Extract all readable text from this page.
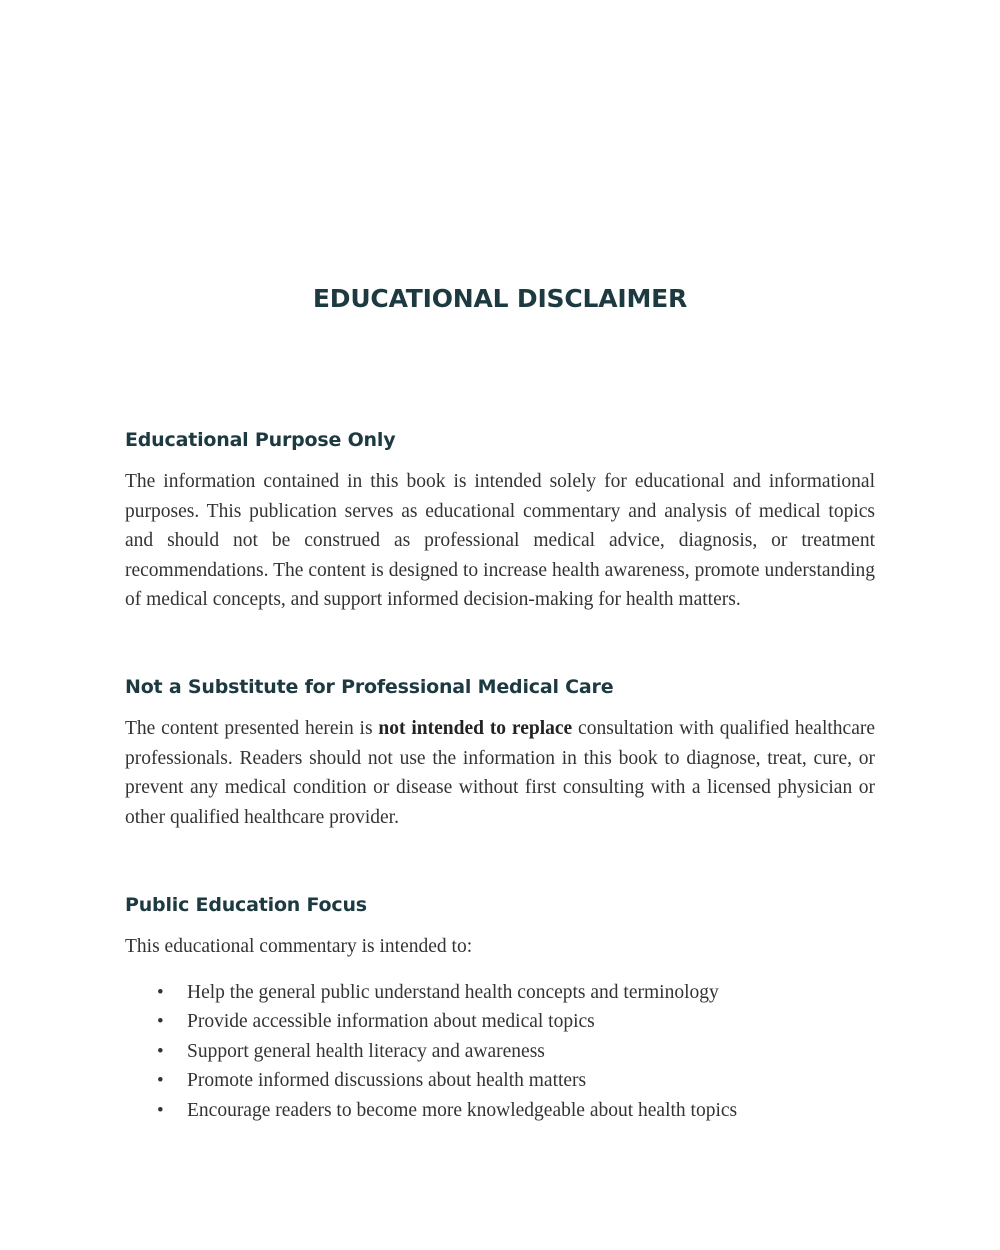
EDUCATIONAL DISCLAIMER
Educational Purpose Only

The information contained in this book is intended solely for educational and informational purposes. This publication serves as educational commentary and analysis of medical topics and should not be construed as professional medical advice, diagnosis, or treatment recommendations. The content is designed to increase health awareness, promote understanding of medical concepts, and support informed decision-making for health matters.

Not a Substitute for Professional Medical Care

The content presented herein is not intended to replace consultation with qualified healthcare professionals. Readers should not use the information in this book to diagnose, treat, cure, or prevent any medical condition or disease without first consulting with a licensed physician or other qualified healthcare provider.

Public Education Focus

This educational commentary is intended to:

• Help the general public understand health concepts and terminology
• Provide accessible information about medical topics
• Support general health literacy and awareness
• Promote informed discussions about health matters
• Encourage readers to become more knowledgeable about health topics
